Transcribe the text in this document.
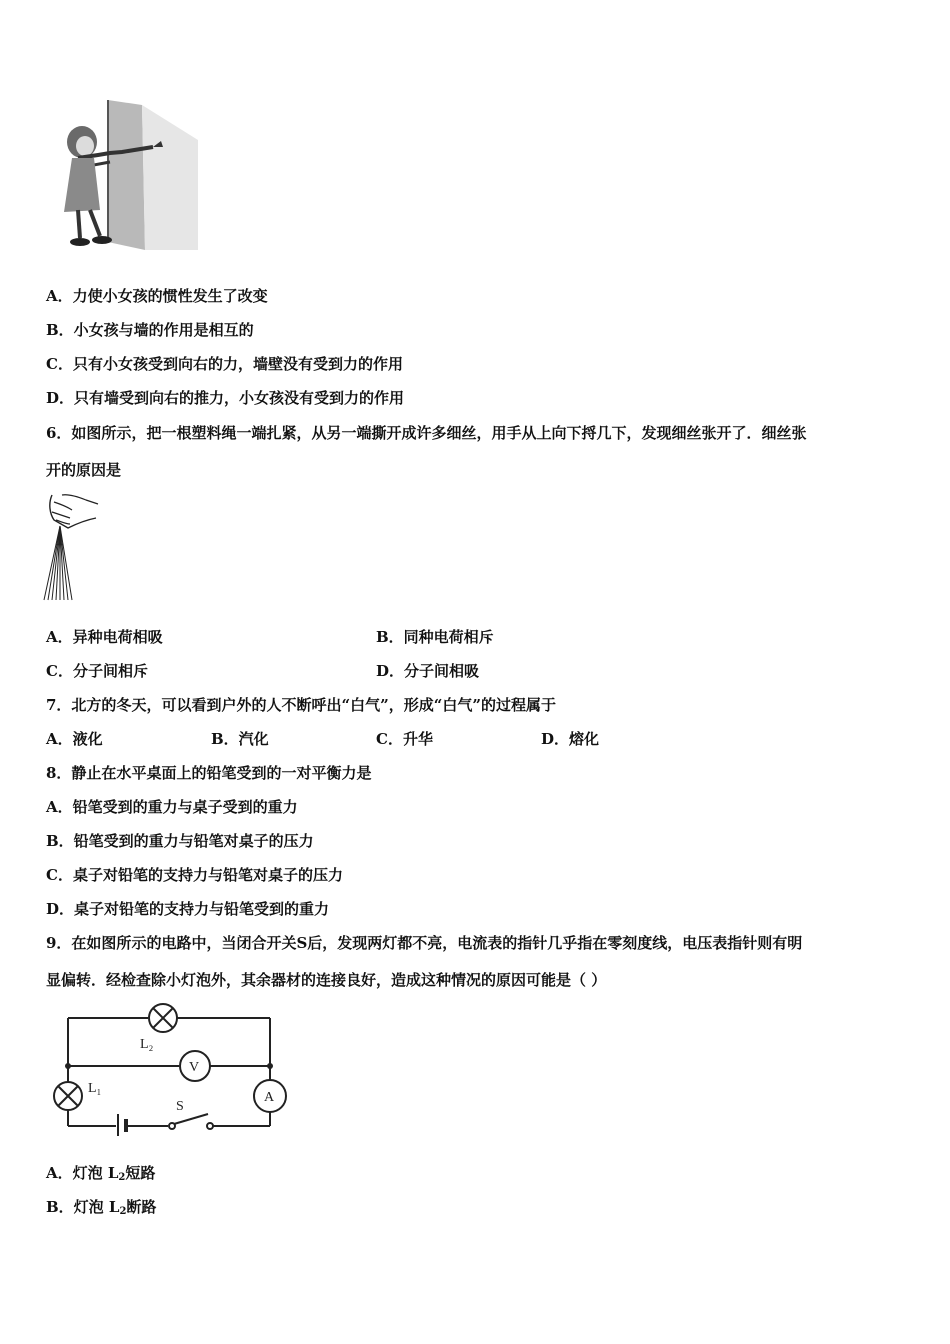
A．力使小女孩的惯性发生了改变
B．小女孩与墙的作用是相互的
C．只有小女孩受到向右的力，墙壁没有受到力的作用
D．只有墙受到向右的推力，小女孩没有受到力的作用
6．如图所示，把一根塑料绳一端扎紧，从另一端撕开成许多细丝，用手从上向下捋几下，发现细丝张开了．细丝张
开的原因是
A．异种电荷相吸	B．同种电荷相斥
C．分子间相斥	D．分子间相吸
7．北方的冬天，可以看到户外的人不断呼出“白气”，形成“白气”的过程属于
A．液化	B．汽化	C．升华	D．熔化
8．静止在水平桌面上的铅笔受到的一对平衡力是
A．铅笔受到的重力与桌子受到的重力
B．铅笔受到的重力与铅笔对桌子的压力
C．桌子对铅笔的支持力与铅笔对桌子的压力
D．桌子对铅笔的支持力与铅笔受到的重力
9．在如图所示的电路中，当闭合开关S后，发现两灯都不亮，电流表的指针几乎指在零刻度线，电压表指针则有明
显偏转．经检查除小灯泡外，其余器材的连接良好，造成这种情况的原因可能是（ ）
L₂
L₁
V
A
S
A．灯泡 $L_2$短路
B．灯泡 $L_2$断路
